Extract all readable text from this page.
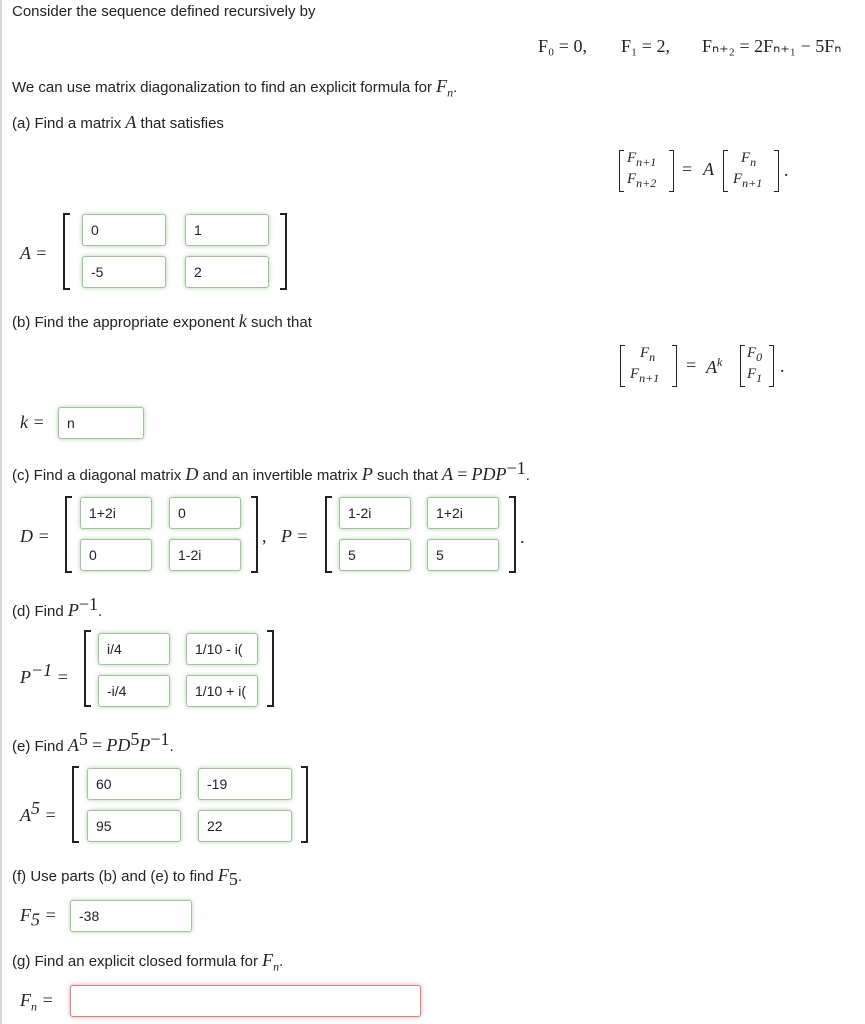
Consider the sequence defined recursively by
F₀ = 0, F₁ = 2, Fₙ₊₂ = 2Fₙ₊₁ − 5Fₙ
We can use matrix diagonalization to find an explicit formula for $F_n$.
(a) Find a matrix A that satisfies
$F_{n+1}$
$F_{n+2}$
= A
$F_n$
$F_{n+1}$
.
A =
0	1
-5	2
(b) Find the appropriate exponent k such that
$F_n$
$F_{n+1}$
= $A^k$
$F_0$
$F_1$
.
k =	n
(c) Find a diagonal matrix D and an invertible matrix P such that $A = PDP^{-1}$.
D =
1+2i	0
0	1-2i
, P =
1-2i	1+2i
5	5
.
(d) Find $P^{-1}$.
$P^{-1}$ =
i/4	1/10 - i(
-i/4	1/10 + i(
(e) Find $A^5 = PD^5P^{-1}$.
$A^5$ =
60	-19
95	22
(f) Use parts (b) and (e) to find $F_5$.
$F_5$ =	-38
(g) Find an explicit closed formula for $F_n$.
$F_n$ =
